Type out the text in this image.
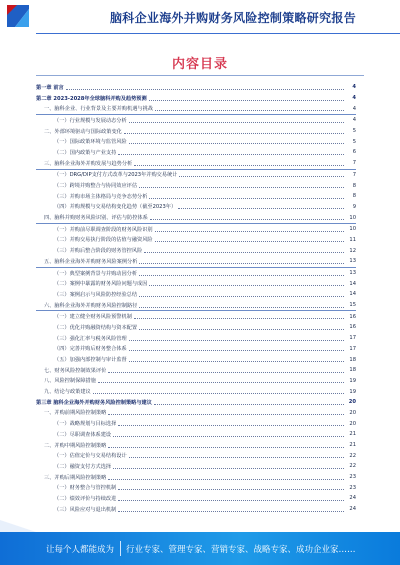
脑科企业海外并购财务风险控制策略研究报告
内容目录
第一章 前言	4
第二章 2023-2028年全球脑科并购及趋势预测	4
一、脑科企业、行业背景及主要并购机遇与挑战	4
（一）行业规模与发展动态分析	4
二、外部环境驱动与国际政策变化	5
（一）国际政策环境与监管风险	5
（二）国内政策与产业支持	6
三、脑科企业海外并购发展与趋势分析	7
（一）DRG/DIP支付方式改革与2023年并购交易统计	7
（二）跨境并购整合与协同效应评估	8
（三）并购市场主体格局与竞争态势分析	8
（四）并购规模与交易结构变化趋势（截至2023年）	9
四、脑科并购财务风险识别、评估与防控体系	10
（一）并购前尽职调查阶段的财务风险识别	10
（二）并购交易执行阶段的估值与融资风险	11
（三）并购后整合阶段的财务管控风险	12
五、脑科企业海外并购财务风险案例分析	13
（一）典型案例背景与并购动因分析	13
（二）案例中暴露的财务风险问题与成因	14
（三）案例启示与风险防控经验总结	14
六、脑科企业海外并购财务风险控制路径	15
（一）建立健全财务风险预警机制	16
（二）优化并购融资结构与资本配置	16
（三）强化汇率与税务风险管理	17
（四）完善并购后财务整合体系	17
（五）加强内部控制与审计监督	18
七、财务风险控制效果评价	18
八、风险控制保障措施	19
九、结论与政策建议	19
第三章 脑科企业海外并购财务风险控制策略与建议	20
一、并购前期风险控制策略	20
（一）战略规划与目标选择	20
（二）尽职调查体系建设	21
二、并购中期风险控制策略	21
（一）估值定价与交易结构设计	22
（二）融资支付方式选择	22
三、并购后期风险控制策略	23
（一）财务整合与管控机制	23
（二）绩效评价与持续改进	24
（三）风险应对与退出机制	24
让每个人都能成为 行业专家、管理专家、营销专家、战略专家、成功企业家……
